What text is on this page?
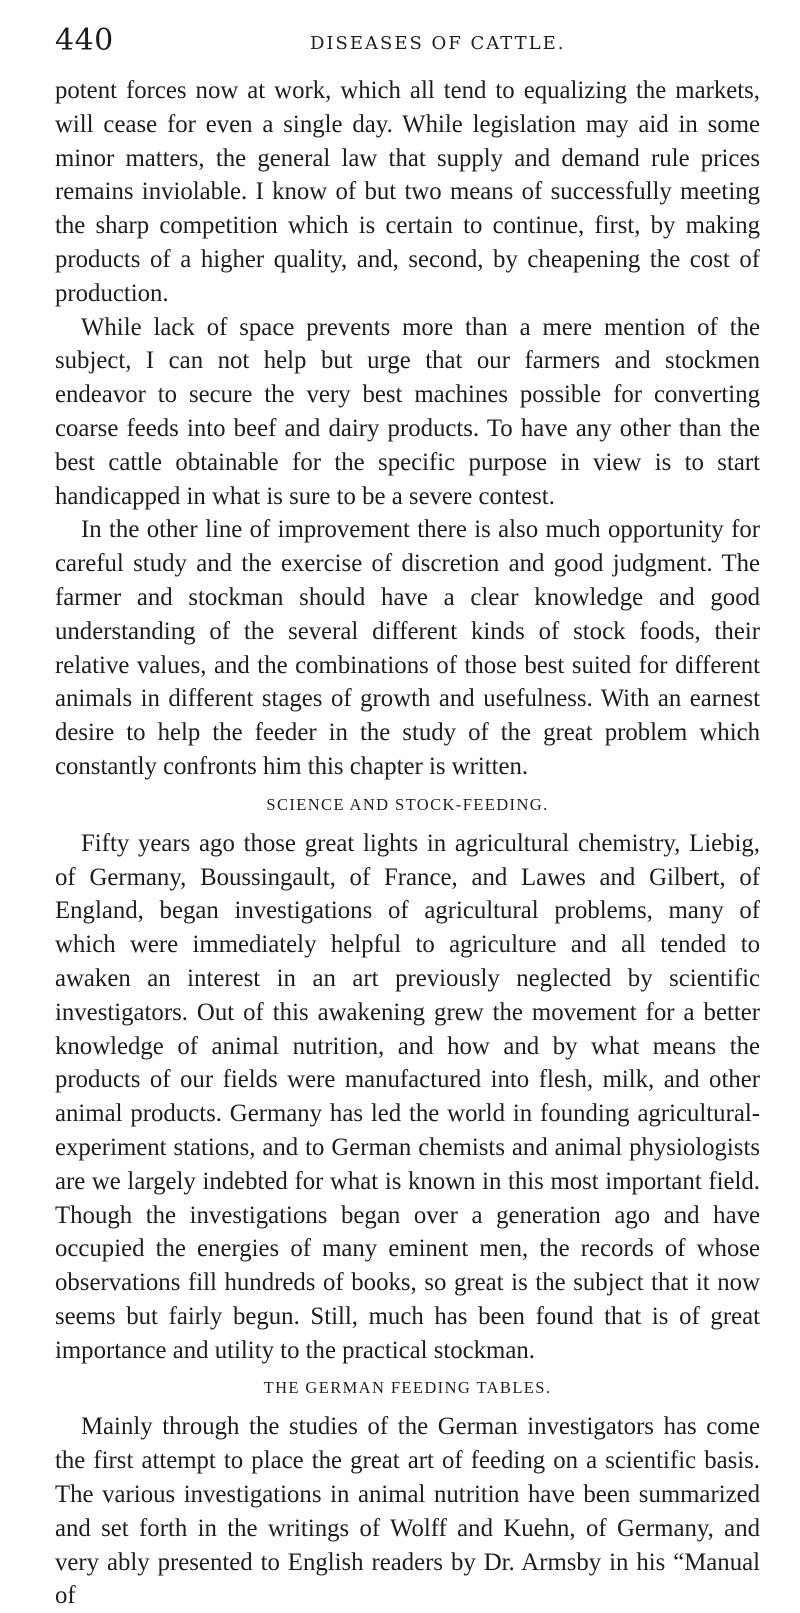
440	DISEASES OF CATTLE.

potent forces now at work, which all tend to equalizing the markets, will cease for even a single day. While legislation may aid in some minor matters, the general law that supply and demand rule prices remains inviolable. I know of but two means of successfully meeting the sharp competition which is certain to continue, first, by making products of a higher quality, and, second, by cheapening the cost of production.

While lack of space prevents more than a mere mention of the subject, I can not help but urge that our farmers and stockmen endeavor to secure the very best machines possible for converting coarse feeds into beef and dairy products. To have any other than the best cattle obtainable for the specific purpose in view is to start handicapped in what is sure to be a severe contest.

In the other line of improvement there is also much opportunity for careful study and the exercise of discretion and good judgment. The farmer and stockman should have a clear knowledge and good understanding of the several different kinds of stock foods, their relative values, and the combinations of those best suited for different animals in different stages of growth and usefulness. With an earnest desire to help the feeder in the study of the great problem which constantly confronts him this chapter is written.

SCIENCE AND STOCK-FEEDING.

Fifty years ago those great lights in agricultural chemistry, Liebig, of Germany, Boussingault, of France, and Lawes and Gilbert, of England, began investigations of agricultural problems, many of which were immediately helpful to agriculture and all tended to awaken an interest in an art previously neglected by scientific investigators. Out of this awakening grew the movement for a better knowledge of animal nutrition, and how and by what means the products of our fields were manufactured into flesh, milk, and other animal products. Germany has led the world in founding agricultural-experiment stations, and to German chemists and animal physiologists are we largely indebted for what is known in this most important field. Though the investigations began over a generation ago and have occupied the energies of many eminent men, the records of whose observations fill hundreds of books, so great is the subject that it now seems but fairly begun. Still, much has been found that is of great importance and utility to the practical stockman.

THE GERMAN FEEDING TABLES.

Mainly through the studies of the German investigators has come the first attempt to place the great art of feeding on a scientific basis. The various investigations in animal nutrition have been summarized and set forth in the writings of Wolff and Kuehn, of Germany, and very ably presented to English readers by Dr. Armsby in his “Manual of
